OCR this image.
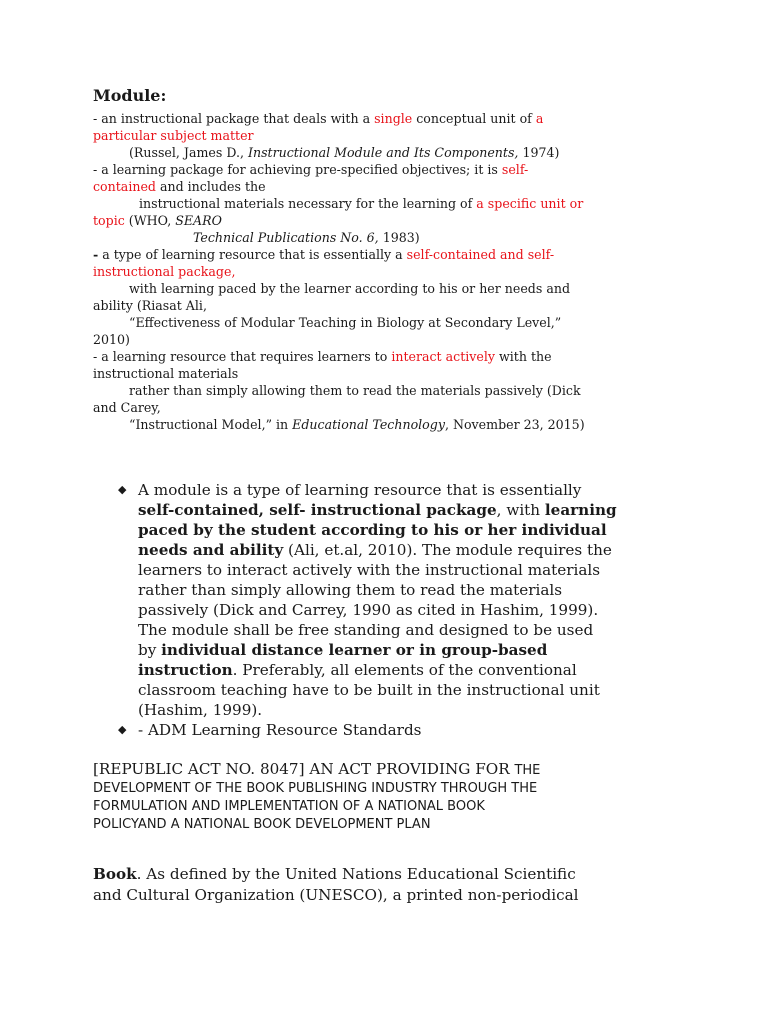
Module:
- an instructional package that deals with a single conceptual unit of a
particular subject matter
(Russel, James D., Instructional Module and Its Components, 1974)
- a learning package for achieving pre-specified objectives; it is self-
contained and includes the
instructional materials necessary for the learning of a specific unit or
topic (WHO, SEARO
Technical Publications No. 6, 1983)
- a type of learning resource that is essentially a self-contained and self-
instructional package,
with learning paced by the learner according to his or her needs and
ability (Riasat Ali,
“Effectiveness of Modular Teaching in Biology at Secondary Level,”
2010)
- a learning resource that requires learners to interact actively with the
instructional materials
rather than simply allowing them to read the materials passively (Dick
and Carey,
“Instructional Model,” in Educational Technology, November 23, 2015)
◆ A module is a type of learning resource that is essentially
self-contained, self- instructional package, with learning
paced by the student according to his or her individual
needs and ability (Ali, et.al, 2010). The module requires the
learners to interact actively with the instructional materials
rather than simply allowing them to read the materials
passively (Dick and Carrey, 1990 as cited in Hashim, 1999).
The module shall be free standing and designed to be used
by individual distance learner or in group-based
instruction. Preferably, all elements of the conventional
classroom teaching have to be built in the instructional unit
(Hashim, 1999).
◆ - ADM Learning Resource Standards
[REPUBLIC ACT NO. 8047] AN ACT PROVIDING FOR THE
DEVELOPMENT OF THE BOOK PUBLISHING INDUSTRY THROUGH THE
FORMULATION AND IMPLEMENTATION OF A NATIONAL BOOK
POLICYAND A NATIONAL BOOK DEVELOPMENT PLAN
Book. As defined by the United Nations Educational Scientific
and Cultural Organization (UNESCO), a printed non-periodical
